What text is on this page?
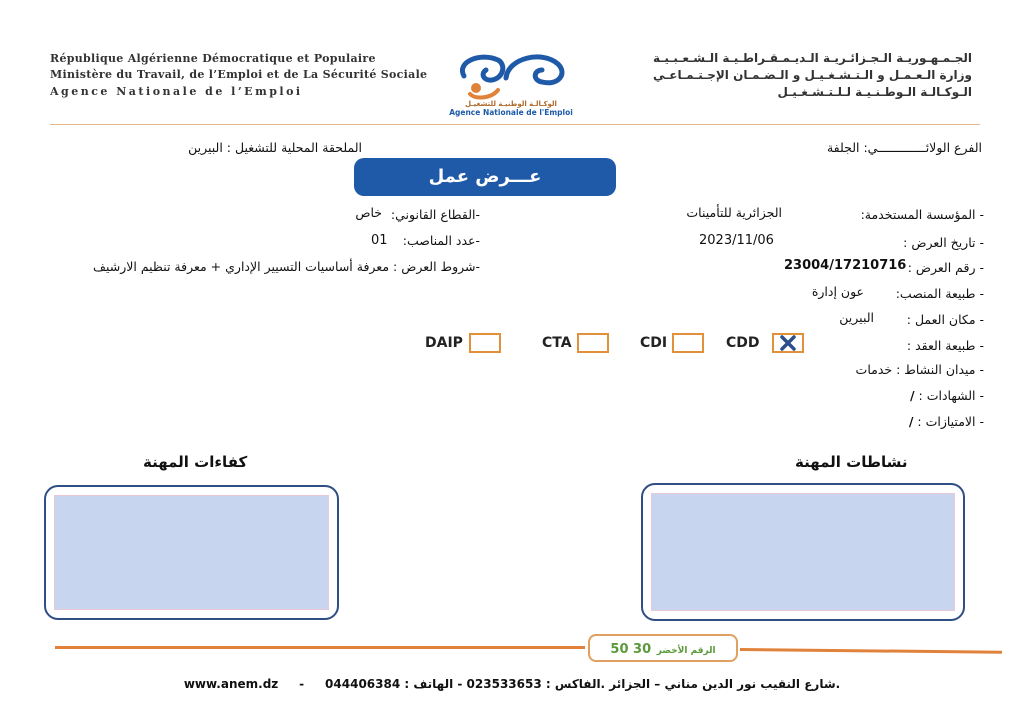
République Algérienne Démocratique et Populaire
Ministère du Travail, de l’Emploi et de La Sécurité Sociale
Agence Nationale de l’Emploi
الوكـالـة الوطنيـة للتشغيـل
Agence Nationale de l'Emploi
الجـمـهـوريـة الـجـزائـريـة الـديـمـقـراطـيـة الـشـعـبـيـة
وزارة الـعـمـل و الـتـشـغـيـل و الـضـمـان الإجـتـمـاعـي
الـوكـالـة الـوطـنـيـة لـلـتـشـغـيـل
الفرع الولائـــــــــــــي: الجلفة
الملحقة المحلية للتشغيل : البيرين
عـــرض عمل
- المؤسسة المستخدمة:
الجزائرية للتأمينات
- تاريخ العرض :
2023/11/06
- رقم العرض :
23004/17210716
- طبيعة المنصب:
عون إدارة
- مكان العمل :
البيرين
- طبيعة العقد :
- ميدان النشاط : خدمات
- الشهادات : /
- الامتيازات : /
-القطاع القانوني:
خاص
-عدد المناصب:
01
-شروط العرض : معرفة أساسيات التسيير الإداري + معرفة تنظيم الارشيف
CDD
CDI
CTA
DAIP
نشاطات المهنة
كفاءات المهنة
الرقم الأخضر 30 50
www.anem.dz - شارع النقيب نور الدين مناني – الجزائر .الفاكس : 023533653 - الهاتف : 044406384.
